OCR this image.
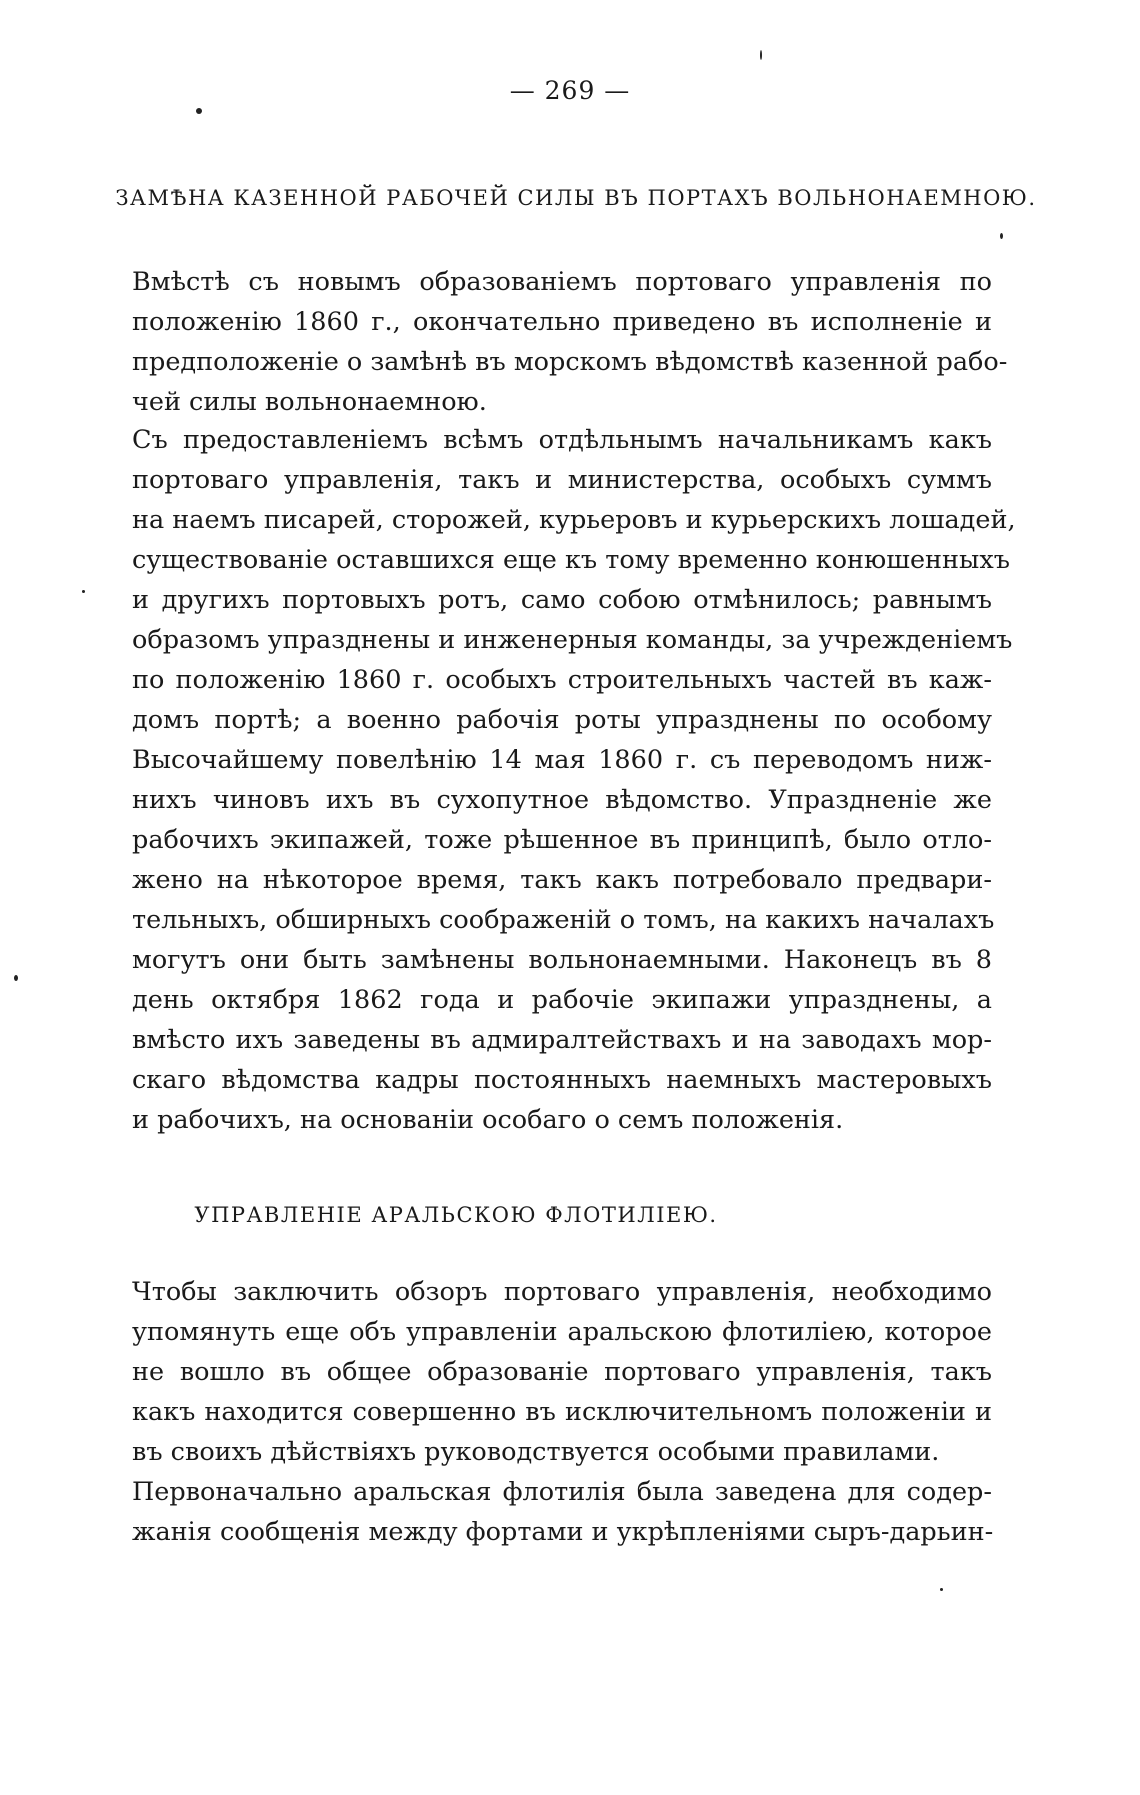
— 269 —
ЗАМѢНА КАЗЕННОЙ РАБОЧЕЙ СИЛЫ ВЪ ПОРТАХЪ ВОЛЬНОНАЕМНОЮ.
Вмѣстѣ съ новымъ образованіемъ портоваго управленія по
положенію 1860 г., окончательно приведено въ исполненіе и
предположеніе о замѣнѣ въ морскомъ вѣдомствѣ казенной рабо-
чей силы вольнонаемною.
Съ предоставленіемъ всѣмъ отдѣльнымъ начальникамъ какъ
портоваго управленія, такъ и министерства, особыхъ суммъ
на наемъ писарей, сторожей, курьеровъ и курьерскихъ лошадей,
существованіе оставшихся еще къ тому временно конюшенныхъ
и другихъ портовыхъ ротъ, само собою отмѣнилось; равнымъ
образомъ упразднены и инженерныя команды, за учрежденіемъ
по положенію 1860 г. особыхъ строительныхъ частей въ каж-
домъ портѣ; а военно рабочія роты упразднены по особому
Высочайшему повелѣнію 14 мая 1860 г. съ переводомъ ниж-
нихъ чиновъ ихъ въ сухопутное вѣдомство. Упраздненіе же
рабочихъ экипажей, тоже рѣшенное въ принципѣ, было отло-
жено на нѣкоторое время, такъ какъ потребовало предвари-
тельныхъ, обширныхъ соображеній о томъ, на какихъ началахъ
могутъ они быть замѣнены вольнонаемными. Наконецъ въ 8
день октября 1862 года и рабочіе экипажи упразднены, а
вмѣсто ихъ заведены въ адмиралтействахъ и на заводахъ мор-
скаго вѣдомства кадры постоянныхъ наемныхъ мастеровыхъ
и рабочихъ, на основаніи особаго о семъ положенія.
УПРАВЛЕНІЕ АРАЛЬСКОЮ ФЛОТИЛІЕЮ.
Чтобы заключить обзоръ портоваго управленія, необходимо
упомянуть еще объ управленіи аральскою флотиліею, которое
не вошло въ общее образованіе портоваго управленія, такъ
какъ находится совершенно въ исключительномъ положеніи и
въ своихъ дѣйствіяхъ руководствуется особыми правилами.
Первоначально аральская флотилія была заведена для содер-
жанія сообщенія между фортами и укрѣпленіями сыръ-дарьин-
